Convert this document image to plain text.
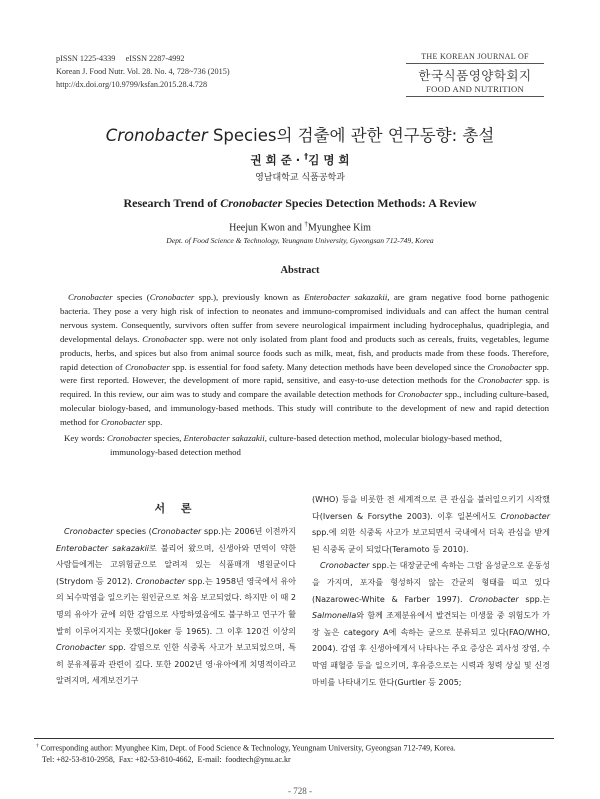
pISSN 1225-4339     eISSN 2287-4992
Korean J. Food Nutr. Vol. 28. No. 4, 728~736 (2015)
http://dx.doi.org/10.9799/ksfan.2015.28.4.728
THE KOREAN JOURNAL OF
한국식품영양학회지
FOOD AND NUTRITION
Cronobacter Species의 검출에 관한 연구동향: 총설
권 희 준 · †김 명 희
영남대학교 식품공학과
Research Trend of Cronobacter Species Detection Methods: A Review
Heejun Kwon and †Myunghee Kim
Dept. of Food Science & Technology, Yeungnam University, Gyeongsan 712-749, Korea
Abstract

Cronobacter species (Cronobacter spp.), previously known as Enterobacter sakazakii, are gram negative food borne pathogenic bacteria. They pose a very high risk of infection to neonates and immuno-compromised individuals and can affect the human central nervous system. Consequently, survivors often suffer from severe neurological impairment including hydrocephalus, quadriplegia, and developmental delays. Cronobacter spp. were not only isolated from plant food and products such as cereals, fruits, vegetables, legume products, herbs, and spices but also from animal source foods such as milk, meat, fish, and products made from these foods. Therefore, rapid detection of Cronobacter spp. is essential for food safety. Many detection methods have been developed since the Cronobacter spp. were first reported. However, the development of more rapid, sensitive, and easy-to-use detection methods for the Cronobacter spp. is required. In this review, our aim was to study and compare the available detection methods for Cronobacter spp., including culture-based, molecular biology-based, and immunology-based methods. This study will contribute to the development of new and rapid detection method for Cronobacter spp.

Key words: Cronobacter species, Enterobacter sakazakii, culture-based detection method, molecular biology-based method, immunology-based detection method
서 론

Cronobacter species (Cronobacter spp.)는 2006년 이전까지 Enterobacter sakazakii로 불리어 왔으며, 신생아와 면역이 약한 사람들에게는 고위험균으로 알려져 있는 식품매개 병원균이다(Strydom 등 2012). Cronobacter spp.는 1958년 영국에서 유아의 뇌수막염을 일으키는 원인균으로 처음 보고되었다. 하지만 이 때 2명의 유아가 균에 의한 감염으로 사망하였음에도 불구하고 연구가 활발히 이루어지지는 못했다(Joker 등 1965). 그 이후 120건 이상의 Cronobacter spp. 감염으로 인한 식중독 사고가 보고되었으며, 특히 분유제품과 관련이 깊다. 또한 2002년 영·유아에게 치명적이라고 알려지며, 세계보건기구

(WHO) 등을 비롯한 전 세계적으로 큰 관심을 불러일으키기 시작했다(Iversen & Forsythe 2003). 이후 일본에서도 Cronobacter spp.에 의한 식중독 사고가 보고되면서 국내에서 더욱 관심을 받게 된 식중독 균이 되었다(Teramoto 등 2010).

Cronobacter spp.는 대장균군에 속하는 그람 음성균으로 운동성을 가지며, 포자를 형성하지 않는 간균의 형태를 띠고 있다(Nazarowec-White & Farber 1997). Cronobacter spp.는 Salmonella와 함께 조제분유에서 발견되는 미생물 중 위험도가 가장 높은 category A에 속하는 균으로 분류되고 있다(FAO/WHO, 2004). 감염 후 신생아에게서 나타나는 주요 증상은 괴사성 장염, 수막염 패혈증 등을 일으키며, 후유증으로는 시력과 청력 상실 및 신경마비를 나타내기도 한다(Gurtler 등 2005;

† Corresponding author: Myunghee Kim, Dept. of Food Science & Technology, Yeungnam University, Gyeongsan 712-749, Korea.
Tel: +82-53-810-2958,  Fax: +82-53-810-4662,  E-mail:  foodtech@ynu.ac.kr
- 728 -
